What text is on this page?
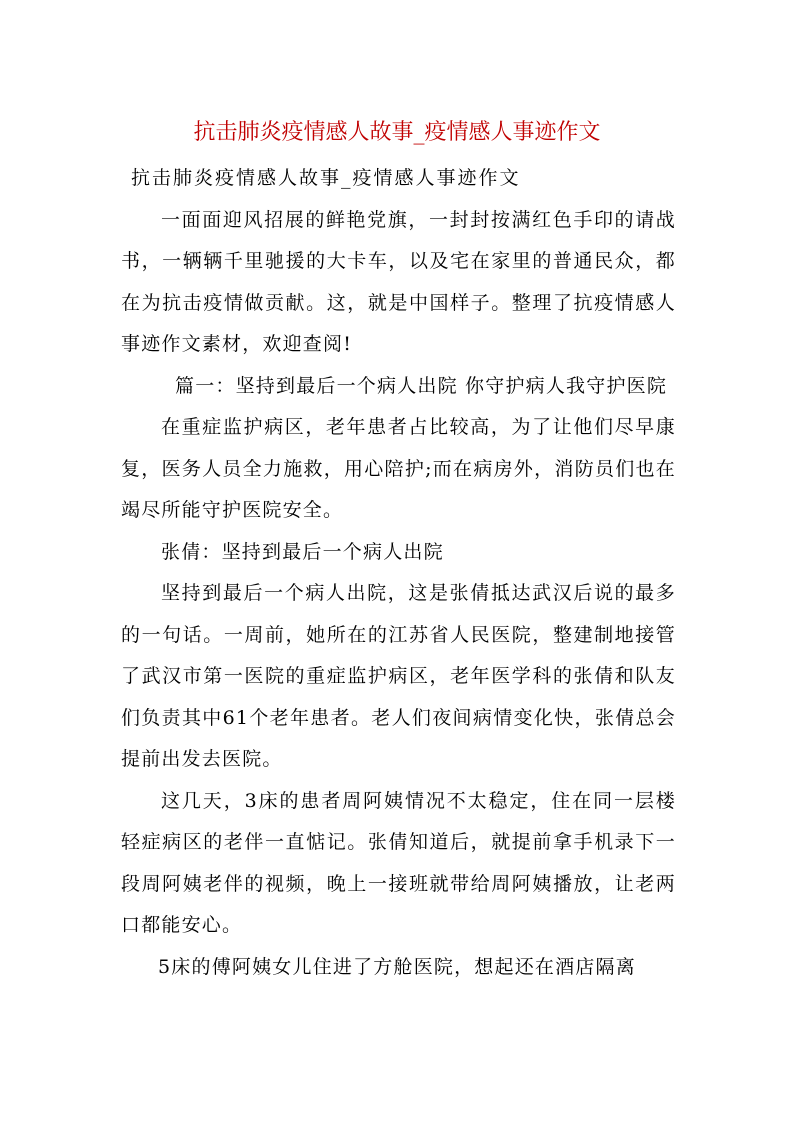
抗击肺炎疫情感人故事_疫情感人事迹作文

抗击肺炎疫情感人故事_疫情感人事迹作文

一面面迎风招展的鲜艳党旗，一封封按满红色手印的请战书，一辆辆千里驰援的大卡车，以及宅在家里的普通民众，都在为抗击疫情做贡献。这，就是中国样子。整理了抗疫情感人事迹作文素材，欢迎查阅!

篇一：坚持到最后一个病人出院 你守护病人我守护医院

在重症监护病区，老年患者占比较高，为了让他们尽早康复，医务人员全力施救，用心陪护;而在病房外，消防员们也在竭尽所能守护医院安全。

张倩：坚持到最后一个病人出院

坚持到最后一个病人出院，这是张倩抵达武汉后说的最多的一句话。一周前，她所在的江苏省人民医院，整建制地接管了武汉市第一医院的重症监护病区，老年医学科的张倩和队友们负责其中61个老年患者。老人们夜间病情变化快，张倩总会提前出发去医院。

这几天，3床的患者周阿姨情况不太稳定，住在同一层楼轻症病区的老伴一直惦记。张倩知道后，就提前拿手机录下一段周阿姨老伴的视频，晚上一接班就带给周阿姨播放，让老两口都能安心。

5床的傅阿姨女儿住进了方舱医院，想起还在酒店隔离
